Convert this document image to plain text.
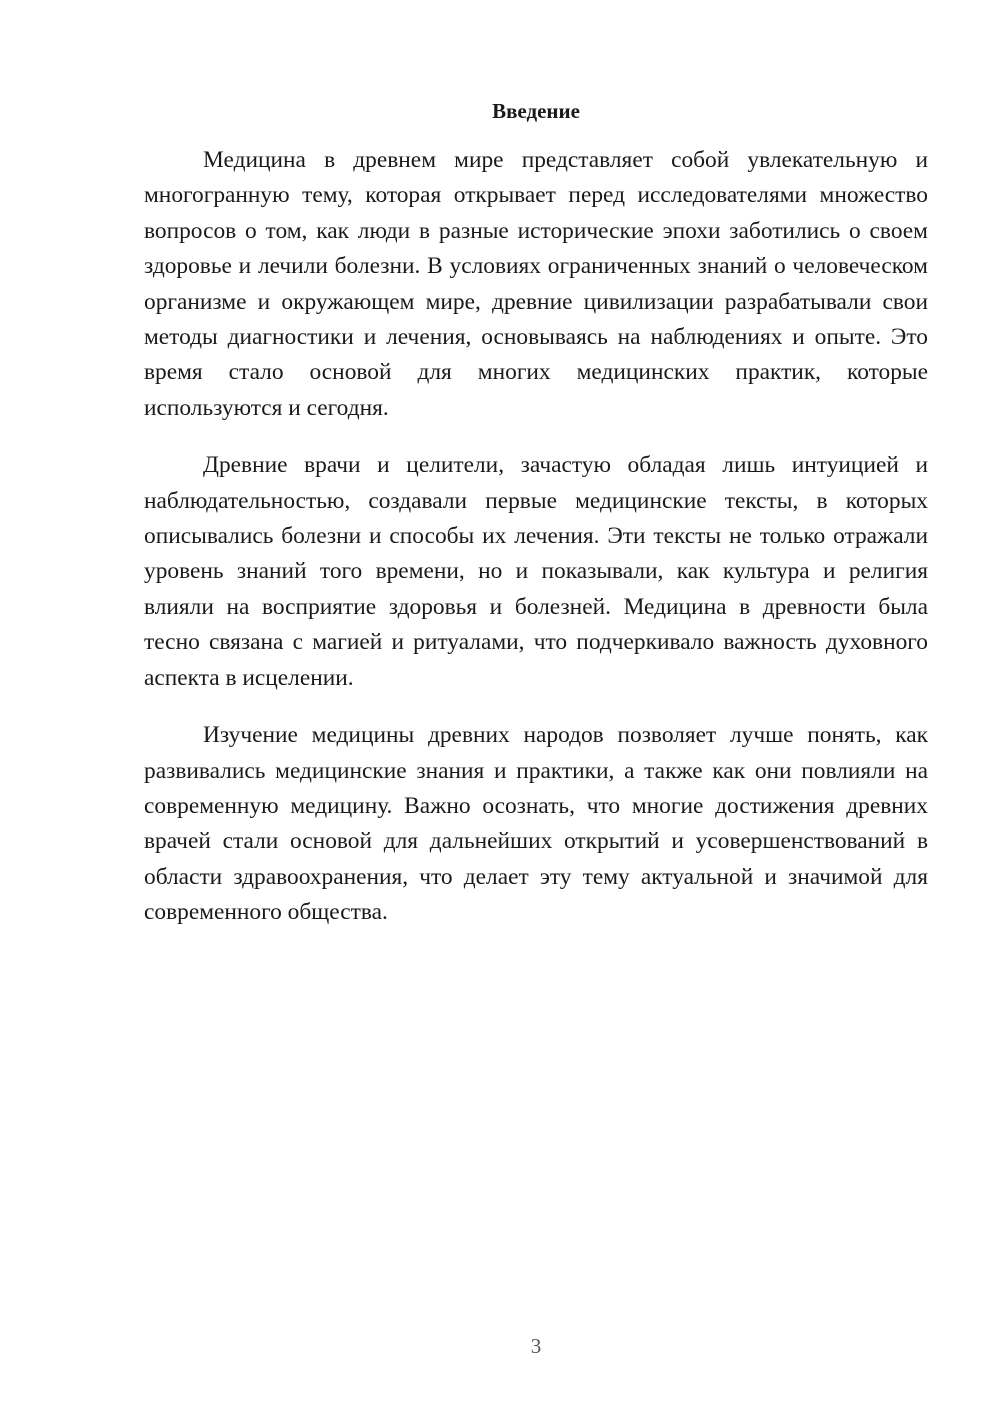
Введение

Медицина в древнем мире представляет собой увлекательную и многогранную тему, которая открывает перед исследователями множество вопросов о том, как люди в разные исторические эпохи заботились о своем здоровье и лечили болезни. В условиях ограниченных знаний о человеческом организме и окружающем мире, древние цивилизации разрабатывали свои методы диагностики и лечения, основываясь на наблюдениях и опыте. Это время стало основой для многих медицинских практик, которые используются и сегодня.

Древние врачи и целители, зачастую обладая лишь интуицией и наблюдательностью, создавали первые медицинские тексты, в которых описывались болезни и способы их лечения. Эти тексты не только отражали уровень знаний того времени, но и показывали, как культура и религия влияли на восприятие здоровья и болезней. Медицина в древности была тесно связана с магией и ритуалами, что подчеркивало важность духовного аспекта в исцелении.

Изучение медицины древних народов позволяет лучше понять, как развивались медицинские знания и практики, а также как они повлияли на современную медицину. Важно осознать, что многие достижения древних врачей стали основой для дальнейших открытий и усовершенствований в области здравоохранения, что делает эту тему актуальной и значимой для современного общества.

3
